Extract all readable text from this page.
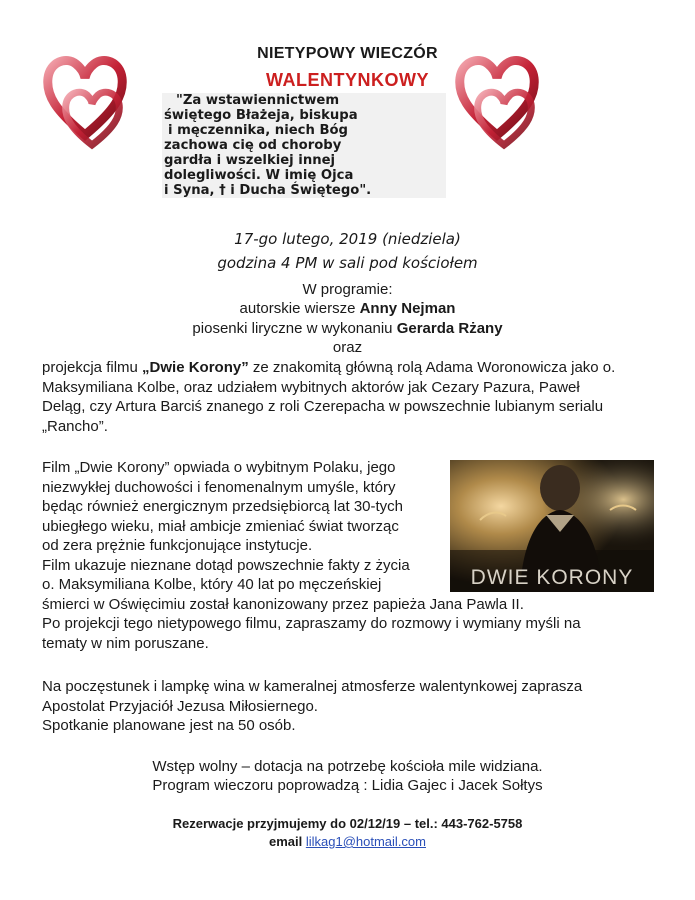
NIETYPOWY WIECZÓR
WALENTYNKOWY
"Za wstawiennictwem
świętego Błażeja, biskupa
i męczennika, niech Bóg
zachowa cię od choroby
gardła i wszelkiej innej
dolegliwości. W imię Ojca
i Syna, † i Ducha Świętego".
17-go lutego, 2019 (niedziela)
godzina 4 PM w sali pod kościołem
W programie:
autorskie wiersze Anny Nejman
piosenki liryczne w wykonaniu Gerarda Rżany
oraz
projekcja filmu „Dwie Korony” ze znakomitą główną rolą Adama Woronowicza jako o.
Maksymiliana Kolbe, oraz udziałem wybitnych aktorów jak Cezary Pazura, Paweł
Deląg, czy Artura Barciś znanego z roli Czerepacha w powszechnie lubianym serialu
„Rancho”.
Film „Dwie Korony” opwiada o wybitnym Polaku, jego
niezwykłej duchowości i fenomenalnym umyśle, który
będąc również energicznym przedsiębiorcą lat 30-tych
ubiegłego wieku, miał ambicje zmieniać świat tworząc
od zera prężnie funkcjonujące instytucje.
Film ukazuje nieznane dotąd powszechnie fakty z życia
o. Maksymiliana Kolbe, który 40 lat po męczeńskiej
śmierci w Oświęcimiu został kanonizowany przez papieża Jana Pawla II.
Po projekcji tego nietypowego filmu, zapraszamy do rozmowy i wymiany myśli na
tematy w nim poruszane.
DWIE KORONY
Na poczęstunek i lampkę wina w kameralnej atmosferze walentynkowej zaprasza
Apostolat Przyjaciół Jezusa Miłosiernego.
Spotkanie planowane jest na 50 osób.
Wstęp wolny – dotacja na potrzebę kościoła mile widziana.
Program wieczoru poprowadzą : Lidia Gajec i Jacek Sołtys
Rezerwacje przyjmujemy do 02/12/19 – tel.: 443-762-5758
email lilkag1@hotmail.com
